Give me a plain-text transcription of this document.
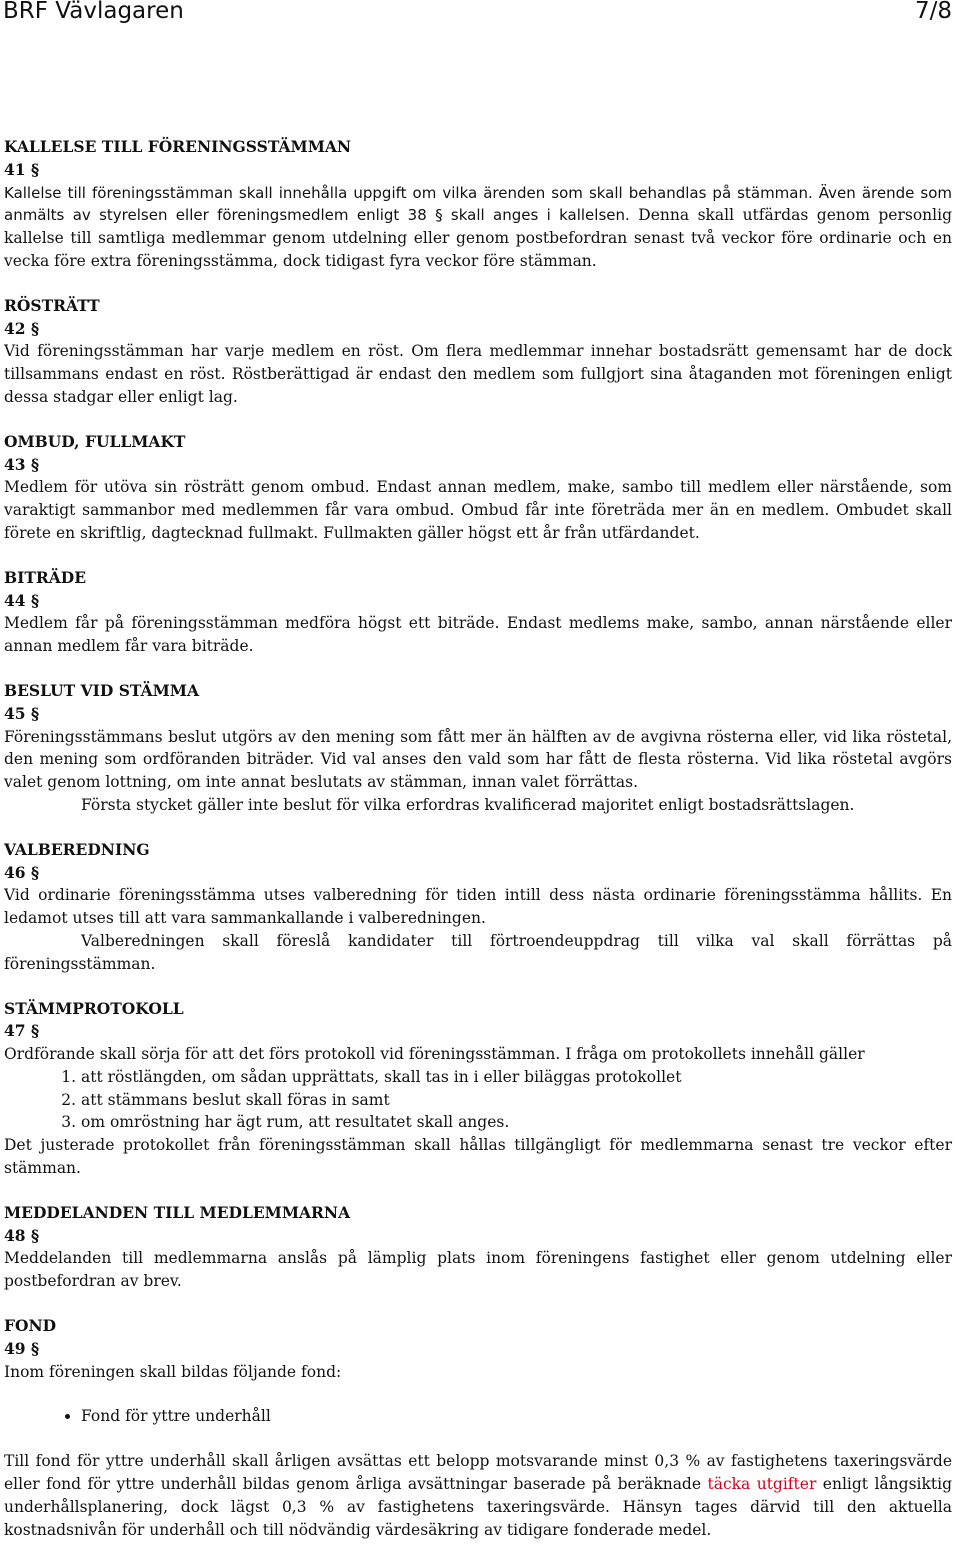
BRF Vävlagaren	7/8
KALLELSE TILL FÖRENINGSSTÄMMAN
41 §
Kallelse till föreningsstämman skall innehålla uppgift om vilka ärenden som skall behandlas på stämman. Även ärende som anmälts av styrelsen eller föreningsmedlem enligt 38 § skall anges i kallelsen. Denna skall utfärdas genom personlig kallelse till samtliga medlemmar genom utdelning eller genom postbefordran senast två veckor före ordinarie och en vecka före extra föreningsstämma, dock tidigast fyra veckor före stämman.
RÖSTRÄTT
42 §
Vid föreningsstämman har varje medlem en röst. Om flera medlemmar innehar bostadsrätt gemensamt har de dock tillsammans endast en röst. Röstberättigad är endast den medlem som fullgjort sina åtaganden mot föreningen enligt dessa stadgar eller enligt lag.
OMBUD, FULLMAKT
43 §
Medlem för utöva sin rösträtt genom ombud. Endast annan medlem, make, sambo till medlem eller närstående, som varaktigt sammanbor med medlemmen får vara ombud. Ombud får inte företräda mer än en medlem. Ombudet skall förete en skriftlig, dagtecknad fullmakt. Fullmakten gäller högst ett år från utfärdandet.
BITRÄDE
44 §
Medlem får på föreningsstämman medföra högst ett biträde. Endast medlems make, sambo, annan närstående eller annan medlem får vara biträde.
BESLUT VID STÄMMA
45 §
Föreningsstämmans beslut utgörs av den mening som fått mer än hälften av de avgivna rösterna eller, vid lika röstetal, den mening som ordföranden biträder. Vid val anses den vald som har fått de flesta rösterna. Vid lika röstetal avgörs valet genom lottning, om inte annat beslutats av stämman, innan valet förrättas.
Första stycket gäller inte beslut för vilka erfordras kvalificerad majoritet enligt bostadsrättslagen.
VALBEREDNING
46 §
Vid ordinarie föreningsstämma utses valberedning för tiden intill dess nästa ordinarie föreningsstämma hållits. En ledamot utses till att vara sammankallande i valberedningen.
Valberedningen skall föreslå kandidater till förtroendeuppdrag till vilka val skall förrättas på föreningsstämman.
STÄMMPROTOKOLL
47 §
Ordförande skall sörja för att det förs protokoll vid föreningsstämman. I fråga om protokollets innehåll gäller
1. att röstlängden, om sådan upprättats, skall tas in i eller biläggas protokollet
2. att stämmans beslut skall föras in samt
3. om omröstning har ägt rum, att resultatet skall anges.
Det justerade protokollet från föreningsstämman skall hållas tillgängligt för medlemmarna senast tre veckor efter stämman.
MEDDELANDEN TILL MEDLEMMARNA
48 §
Meddelanden till medlemmarna anslås på lämplig plats inom föreningens fastighet eller genom utdelning eller postbefordran av brev.
FOND
49 §
Inom föreningen skall bildas följande fond:
• Fond för yttre underhåll
Till fond för yttre underhåll skall årligen avsättas ett belopp motsvarande minst 0,3 % av fastighetens taxeringsvärde eller fond för yttre underhåll bildas genom årliga avsättningar baserade på beräknade täcka utgifter enligt långsiktig underhållsplanering, dock lägst 0,3 % av fastighetens taxeringsvärde. Hänsyn tages därvid till den aktuella kostnadsnivån för underhåll och till nödvändig värdesäkring av tidigare fonderade medel.
